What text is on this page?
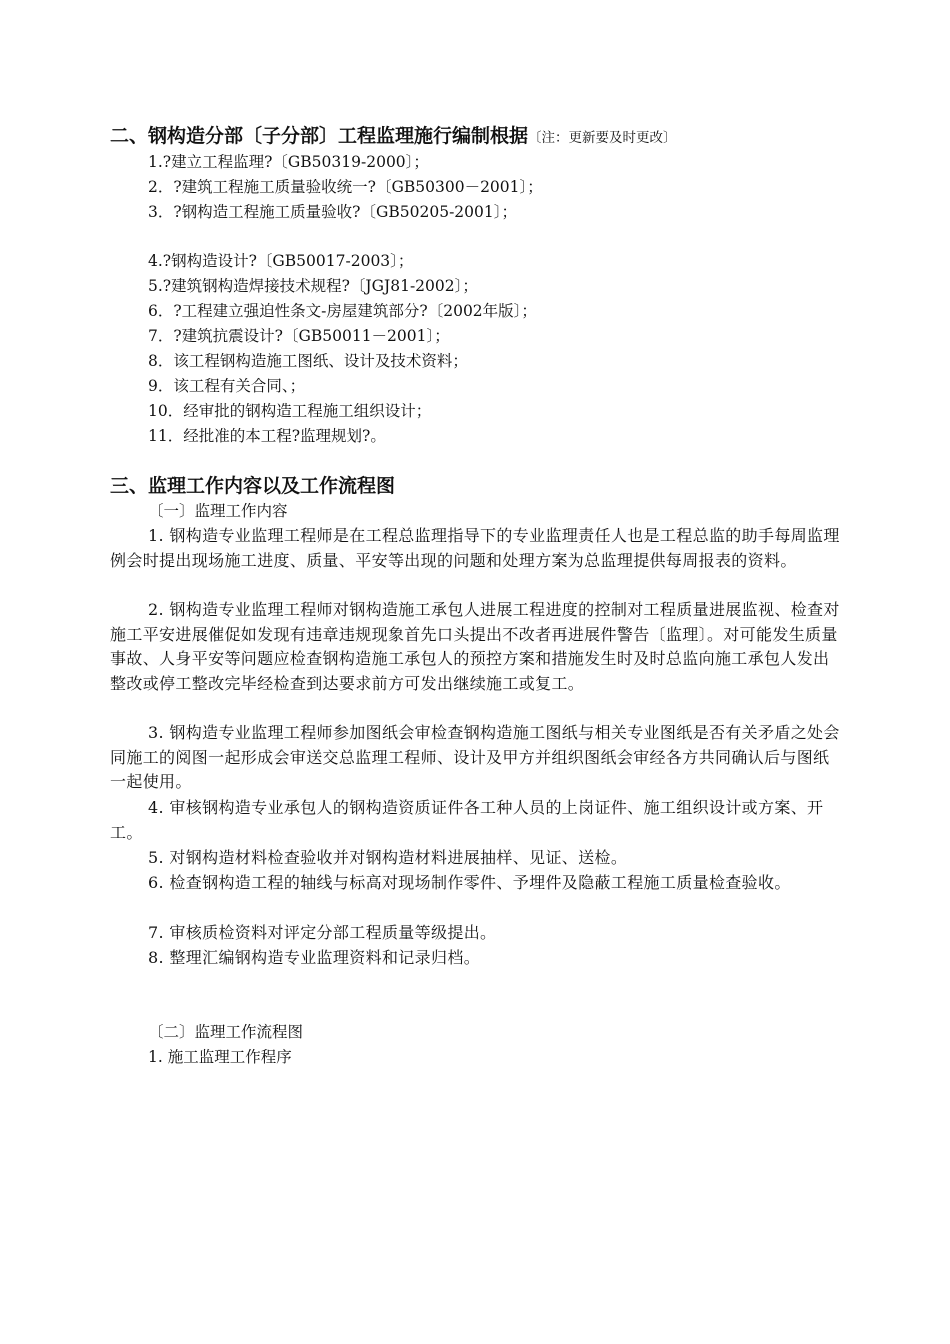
二、钢构造分部〔子分部〕工程监理施行编制根据〔注：更新要及时更改〕
1.?建立工程监理?〔GB50319-2000〕；
2．?建筑工程施工质量验收统一?〔GB50300－2001〕；
3．?钢构造工程施工质量验收?〔GB50205-2001〕；
4.?钢构造设计?〔GB50017-2003〕；
5.?建筑钢构造焊接技术规程?〔JGJ81-2002〕；
6．?工程建立强迫性条文-房屋建筑部分?〔2002年版〕；
7．?建筑抗震设计?〔GB50011－2001〕；
8．该工程钢构造施工图纸、设计及技术资料；
9．该工程有关合同、；
10．经审批的钢构造工程施工组织设计；
11．经批准的本工程?监理规划?。
三、监理工作内容以及工作流程图
〔一〕监理工作内容

1. 钢构造专业监理工程师是在工程总监理指导下的专业监理责任人也是工程总监的助手每周监理例会时提出现场施工进度、质量、平安等出现的问题和处理方案为总监理提供每周报表的资料。

2. 钢构造专业监理工程师对钢构造施工承包人进展工程进度的控制对工程质量进展监视、检查对施工平安进展催促如发现有违章违规现象首先口头提出不改者再进展件警告〔监理〕。对可能发生质量事故、人身平安等问题应检查钢构造施工承包人的预控方案和措施发生时及时总监向施工承包人发出整改或停工整改完毕经检查到达要求前方可发出继续施工或复工。

3. 钢构造专业监理工程师参加图纸会审检查钢构造施工图纸与相关专业图纸是否有关矛盾之处会同施工的阅图一起形成会审送交总监理工程师、设计及甲方并组织图纸会审经各方共同确认后与图纸一起使用。

4. 审核钢构造专业承包人的钢构造资质证件各工种人员的上岗证件、施工组织设计或方案、开工。

5. 对钢构造材料检查验收并对钢构造材料进展抽样、见证、送检。

6. 检查钢构造工程的轴线与标高对现场制作零件、予埋件及隐蔽工程施工质量检查验收。

7. 审核质检资料对评定分部工程质量等级提出。

8. 整理汇编钢构造专业监理资料和记录归档。

〔二〕监理工作流程图
1. 施工监理工作程序
